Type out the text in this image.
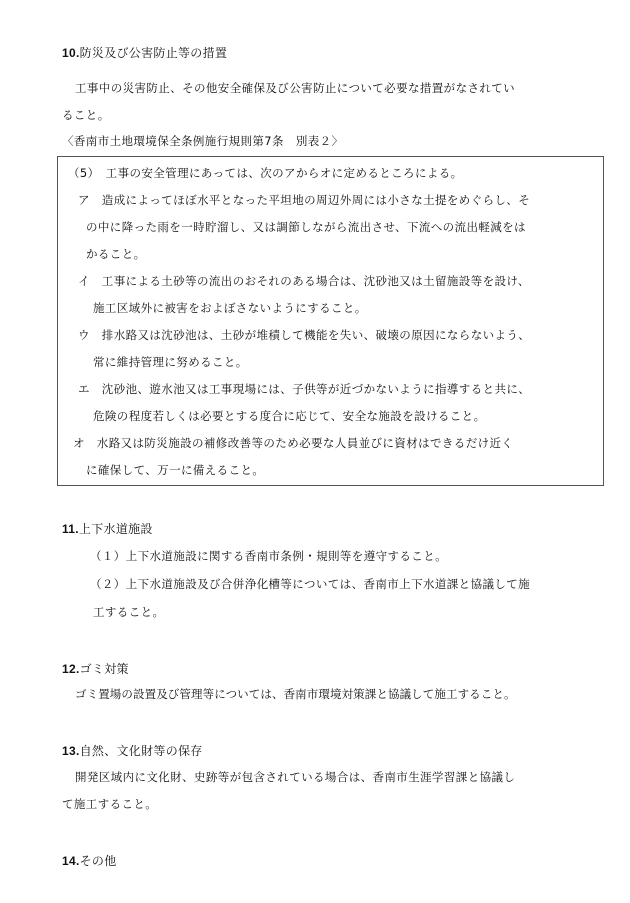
10.防災及び公害防止等の措置
工事中の災害防止、その他安全確保及び公害防止について必要な措置がなされてい
ること。
〈香南市土地環境保全条例施行規則第7条　別表２〉
（5）　工事の安全管理にあっては、次のアからオに定めるところによる。
ア　造成によってほぼ水平となった平坦地の周辺外周には小さな土提をめぐらし、そ
の中に降った雨を一時貯溜し、又は調節しながら流出させ、下流への流出軽減をは
かること。
イ　工事による土砂等の流出のおそれのある場合は、沈砂池又は土留施設等を設け、
施工区域外に被害をおよぼさないようにすること。
ウ　排水路又は沈砂池は、土砂が堆積して機能を失い、破壊の原因にならないよう、
常に維持管理に努めること。
エ　沈砂池、遊水池又は工事現場には、子供等が近づかないように指導すると共に、
危険の程度若しくは必要とする度合に応じて、安全な施設を設けること。
オ　水路又は防災施設の補修改善等のため必要な人員並びに資材はできるだけ近く
に確保して、万一に備えること。
11.上下水道施設
（１）上下水道施設に関する香南市条例・規則等を遵守すること。
（２）上下水道施設及び合併浄化槽等については、香南市上下水道課と協議して施
工すること。
12.ゴミ対策
ゴミ置場の設置及び管理等については、香南市環境対策課と協議して施工すること。
13.自然、文化財等の保存
開発区域内に文化財、史跡等が包含されている場合は、香南市生涯学習課と協議し
て施工すること。
14.その他
